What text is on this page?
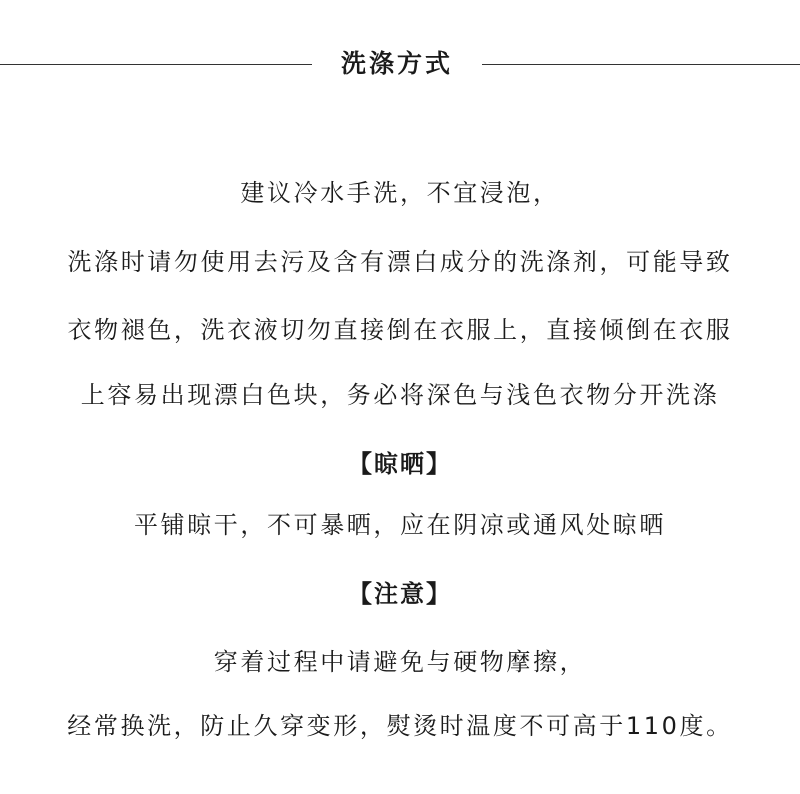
洗涤方式
建议冷水手洗，不宜浸泡，
洗涤时请勿使用去污及含有漂白成分的洗涤剂，可能导致
衣物褪色，洗衣液切勿直接倒在衣服上，直接倾倒在衣服
上容易出现漂白色块，务必将深色与浅色衣物分开洗涤
【晾晒】
平铺晾干，不可暴晒，应在阴凉或通风处晾晒
【注意】
穿着过程中请避免与硬物摩擦，
经常换洗，防止久穿变形，熨烫时温度不可高于110度。
